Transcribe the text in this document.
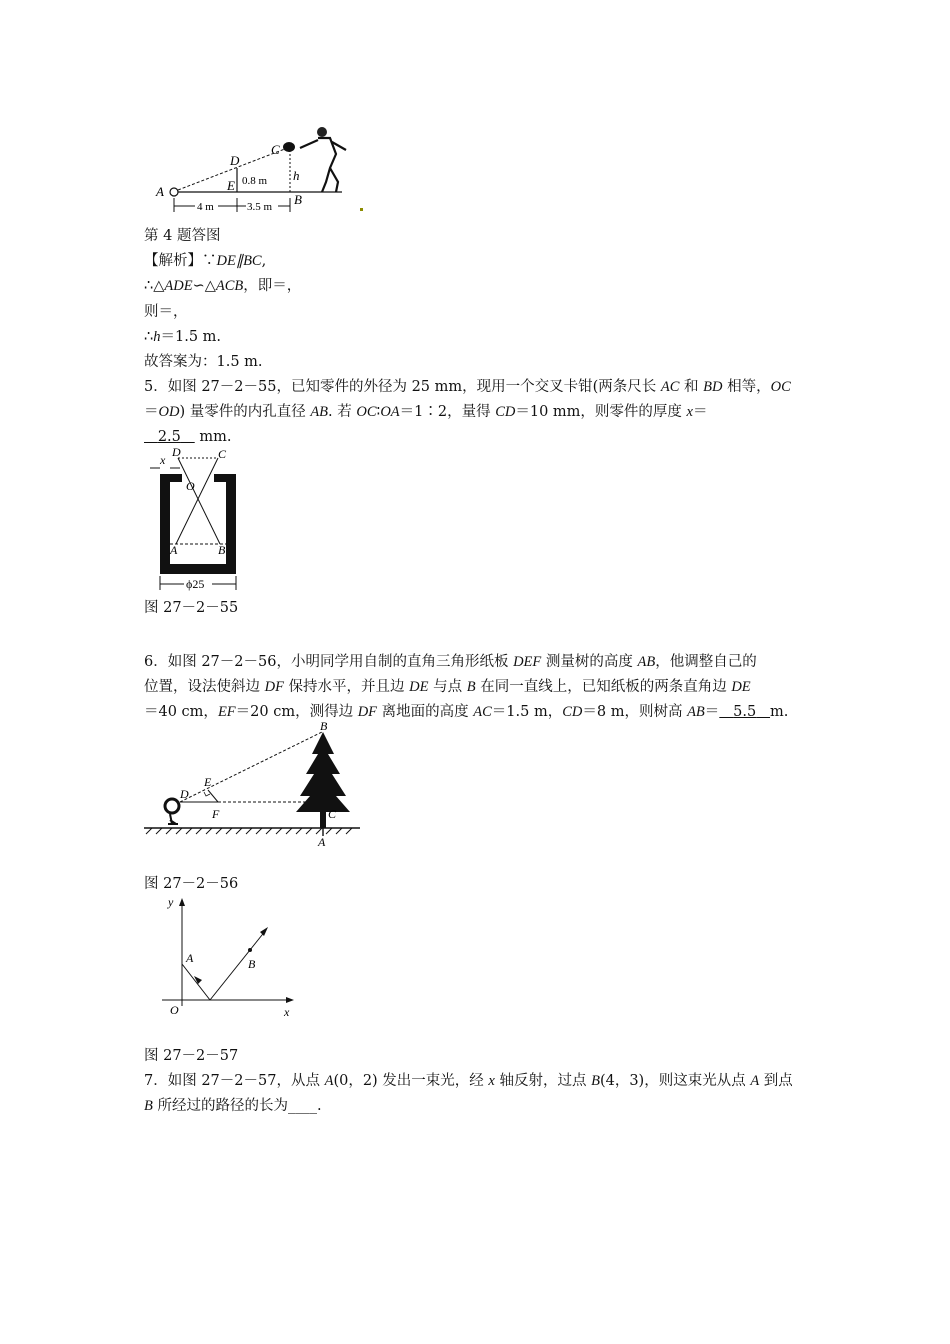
A
B
C
D
E
h
0.8 m
4 m	3.5 m
第 4 题答图
【解析】∵DE∥BC,
∴△ADE∽△ACB，即＝，
则＝，
∴h＝1.5 m.
故答案为：1.5 m.
5．如图 27－2－55，已知零件的外径为 25 mm，现用一个交叉卡钳(两条尺长 AC 和 BD 相等，OC
＝OD) 量零件的内孔直径 AB. 若 OC∶OA＝1∶2，量得 CD＝10 mm，则零件的厚度 x＝
2.5    mm.
x
D	C
O
A	B
ϕ25
图 27－2－55
6．如图 27－2－56，小明同学用自制的直角三角形纸板 DEF 测量树的高度 AB，他调整自己的
位置，设法使斜边 DF 保持水平，并且边 DE 与点 B 在同一直线上，已知纸板的两条直角边 DE
＝40 cm，EF＝20 cm，测得边 DF 离地面的高度 AC＝1.5 m，CD＝8 m，则树高 AB＝ 5.5 m.
B
E
D
F	C
A
图 27－2－56
y
x
O
A	B
图 27－2－57
7．如图 27－2－57，从点 A(0，2) 发出一束光，经 x 轴反射，过点 B(4，3)，则这束光从点 A 到点
B 所经过的路径的长为____.
